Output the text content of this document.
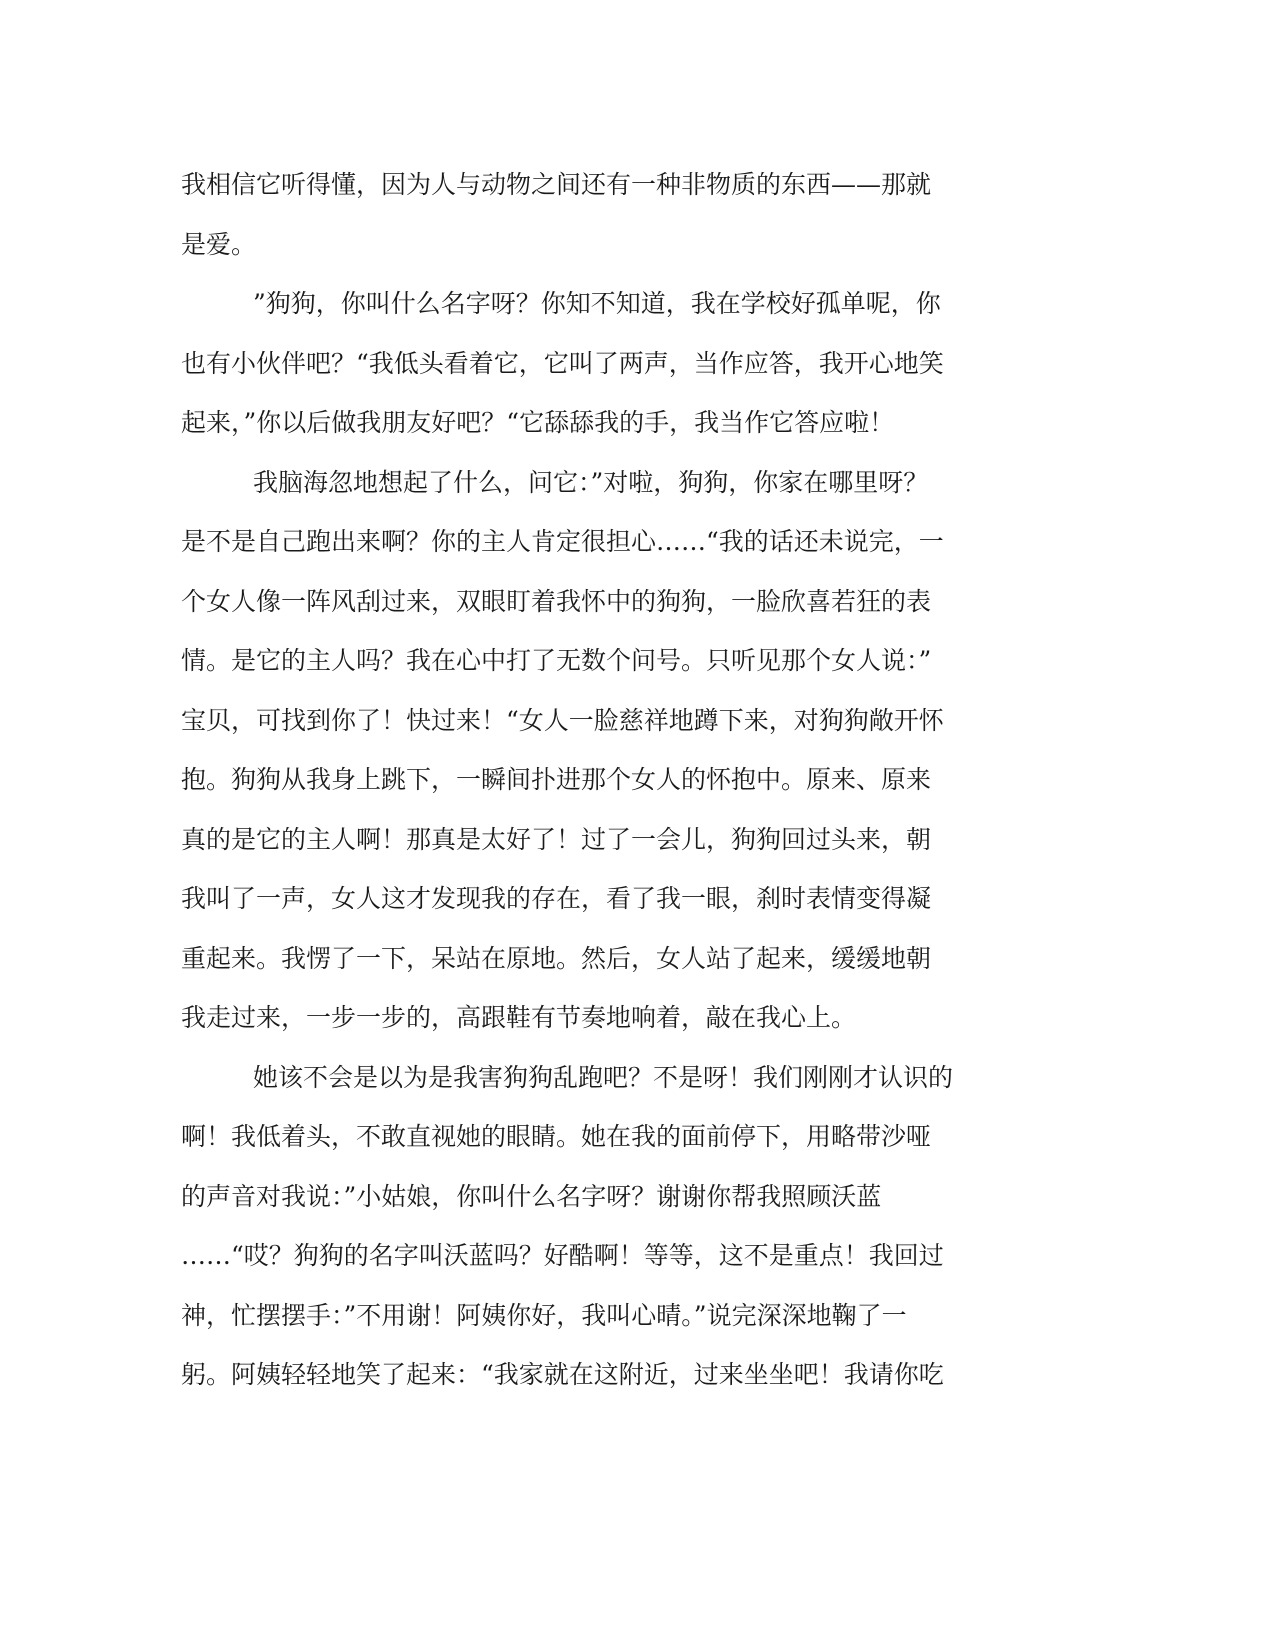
我相信它听得懂，因为人与动物之间还有一种非物质的东西——那就
是爱。
”狗狗，你叫什么名字呀？你知不知道，我在学校好孤单呢，你
也有小伙伴吧？“我低头看着它，它叫了两声，当作应答，我开心地笑
起来，”你以后做我朋友好吧？“它舔舔我的手，我当作它答应啦！
我脑海忽地想起了什么，问它：”对啦，狗狗，你家在哪里呀？
是不是自己跑出来啊？你的主人肯定很担心……“我的话还未说完，一
个女人像一阵风刮过来，双眼盯着我怀中的狗狗，一脸欣喜若狂的表
情。是它的主人吗？我在心中打了无数个问号。只听见那个女人说：”
宝贝，可找到你了！快过来！“女人一脸慈祥地蹲下来，对狗狗敞开怀
抱。狗狗从我身上跳下，一瞬间扑进那个女人的怀抱中。原来、原来
真的是它的主人啊！那真是太好了！过了一会儿，狗狗回过头来，朝
我叫了一声，女人这才发现我的存在，看了我一眼，刹时表情变得凝
重起来。我愣了一下，呆站在原地。然后，女人站了起来，缓缓地朝
我走过来，一步一步的，高跟鞋有节奏地响着，敲在我心上。
她该不会是以为是我害狗狗乱跑吧？不是呀！我们刚刚才认识的
啊！我低着头，不敢直视她的眼睛。她在我的面前停下，用略带沙哑
的声音对我说：”小姑娘，你叫什么名字呀？谢谢你帮我照顾沃蓝
……“哎？狗狗的名字叫沃蓝吗？好酷啊！等等，这不是重点！我回过
神，忙摆摆手：”不用谢！阿姨你好，我叫心晴。”说完深深地鞠了一
躬。阿姨轻轻地笑了起来：“我家就在这附近，过来坐坐吧！我请你吃
